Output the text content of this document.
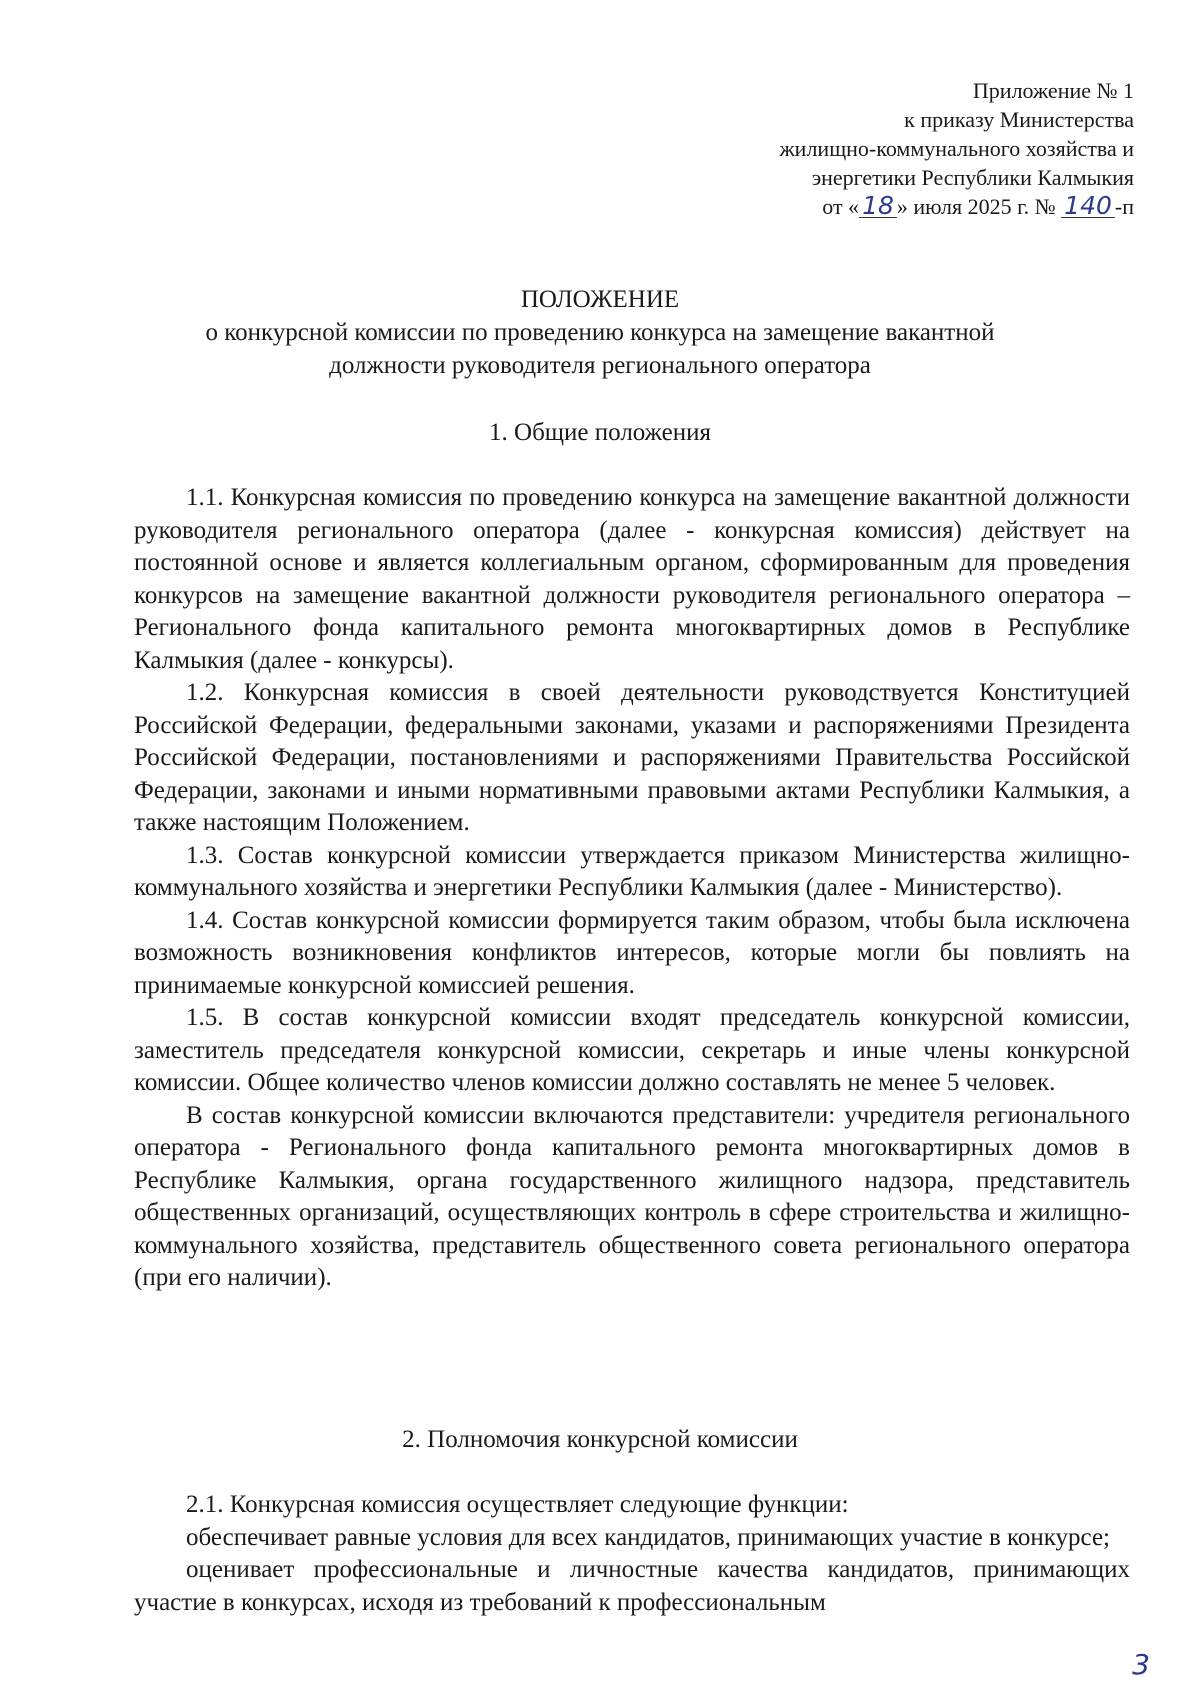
Приложение № 1
к приказу Министерства
жилищно-коммунального хозяйства и
энергетики Республики Калмыкия
от « 18 » июля 2025 г. № 140 -п
ПОЛОЖЕНИЕ
о конкурсной комиссии по проведению конкурса на замещение вакантной
должности руководителя регионального оператора
1. Общие положения

1.1. Конкурсная комиссия по проведению конкурса на замещение вакантной должности руководителя регионального оператора (далее - конкурсная комиссия) действует на постоянной основе и является коллегиальным органом, сформированным для проведения конкурсов на замещение вакантной должности руководителя регионального оператора –Регионального фонда капитального ремонта многоквартирных домов в Республике Калмыкия (далее - конкурсы).

1.2. Конкурсная комиссия в своей деятельности руководствуется Конституцией Российской Федерации, федеральными законами, указами и распоряжениями Президента Российской Федерации, постановлениями и распоряжениями Правительства Российской Федерации, законами и иными нормативными правовыми актами Республики Калмыкия, а также настоящим Положением.

1.3. Состав конкурсной комиссии утверждается приказом Министерства жилищно-коммунального хозяйства и энергетики Республики Калмыкия (далее - Министерство).

1.4. Состав конкурсной комиссии формируется таким образом, чтобы была исключена возможность возникновения конфликтов интересов, которые могли бы повлиять на принимаемые конкурсной комиссией решения.

1.5. В состав конкурсной комиссии входят председатель конкурсной комиссии, заместитель председателя конкурсной комиссии, секретарь и иные члены конкурсной комиссии. Общее количество членов комиссии должно составлять не менее 5 человек.

В состав конкурсной комиссии включаются представители: учредителя регионального оператора - Регионального фонда капитального ремонта многоквартирных домов в Республике Калмыкия, органа государственного жилищного надзора, представитель общественных организаций, осуществляющих контроль в сфере строительства и жилищно-коммунального хозяйства, представитель общественного совета регионального оператора (при его наличии).

2. Полномочия конкурсной комиссии

2.1. Конкурсная комиссия осуществляет следующие функции:

обеспечивает равные условия для всех кандидатов, принимающих участие в конкурсе;

оценивает профессиональные и личностные качества кандидатов, принимающих участие в конкурсах, исходя из требований к профессиональным

3
